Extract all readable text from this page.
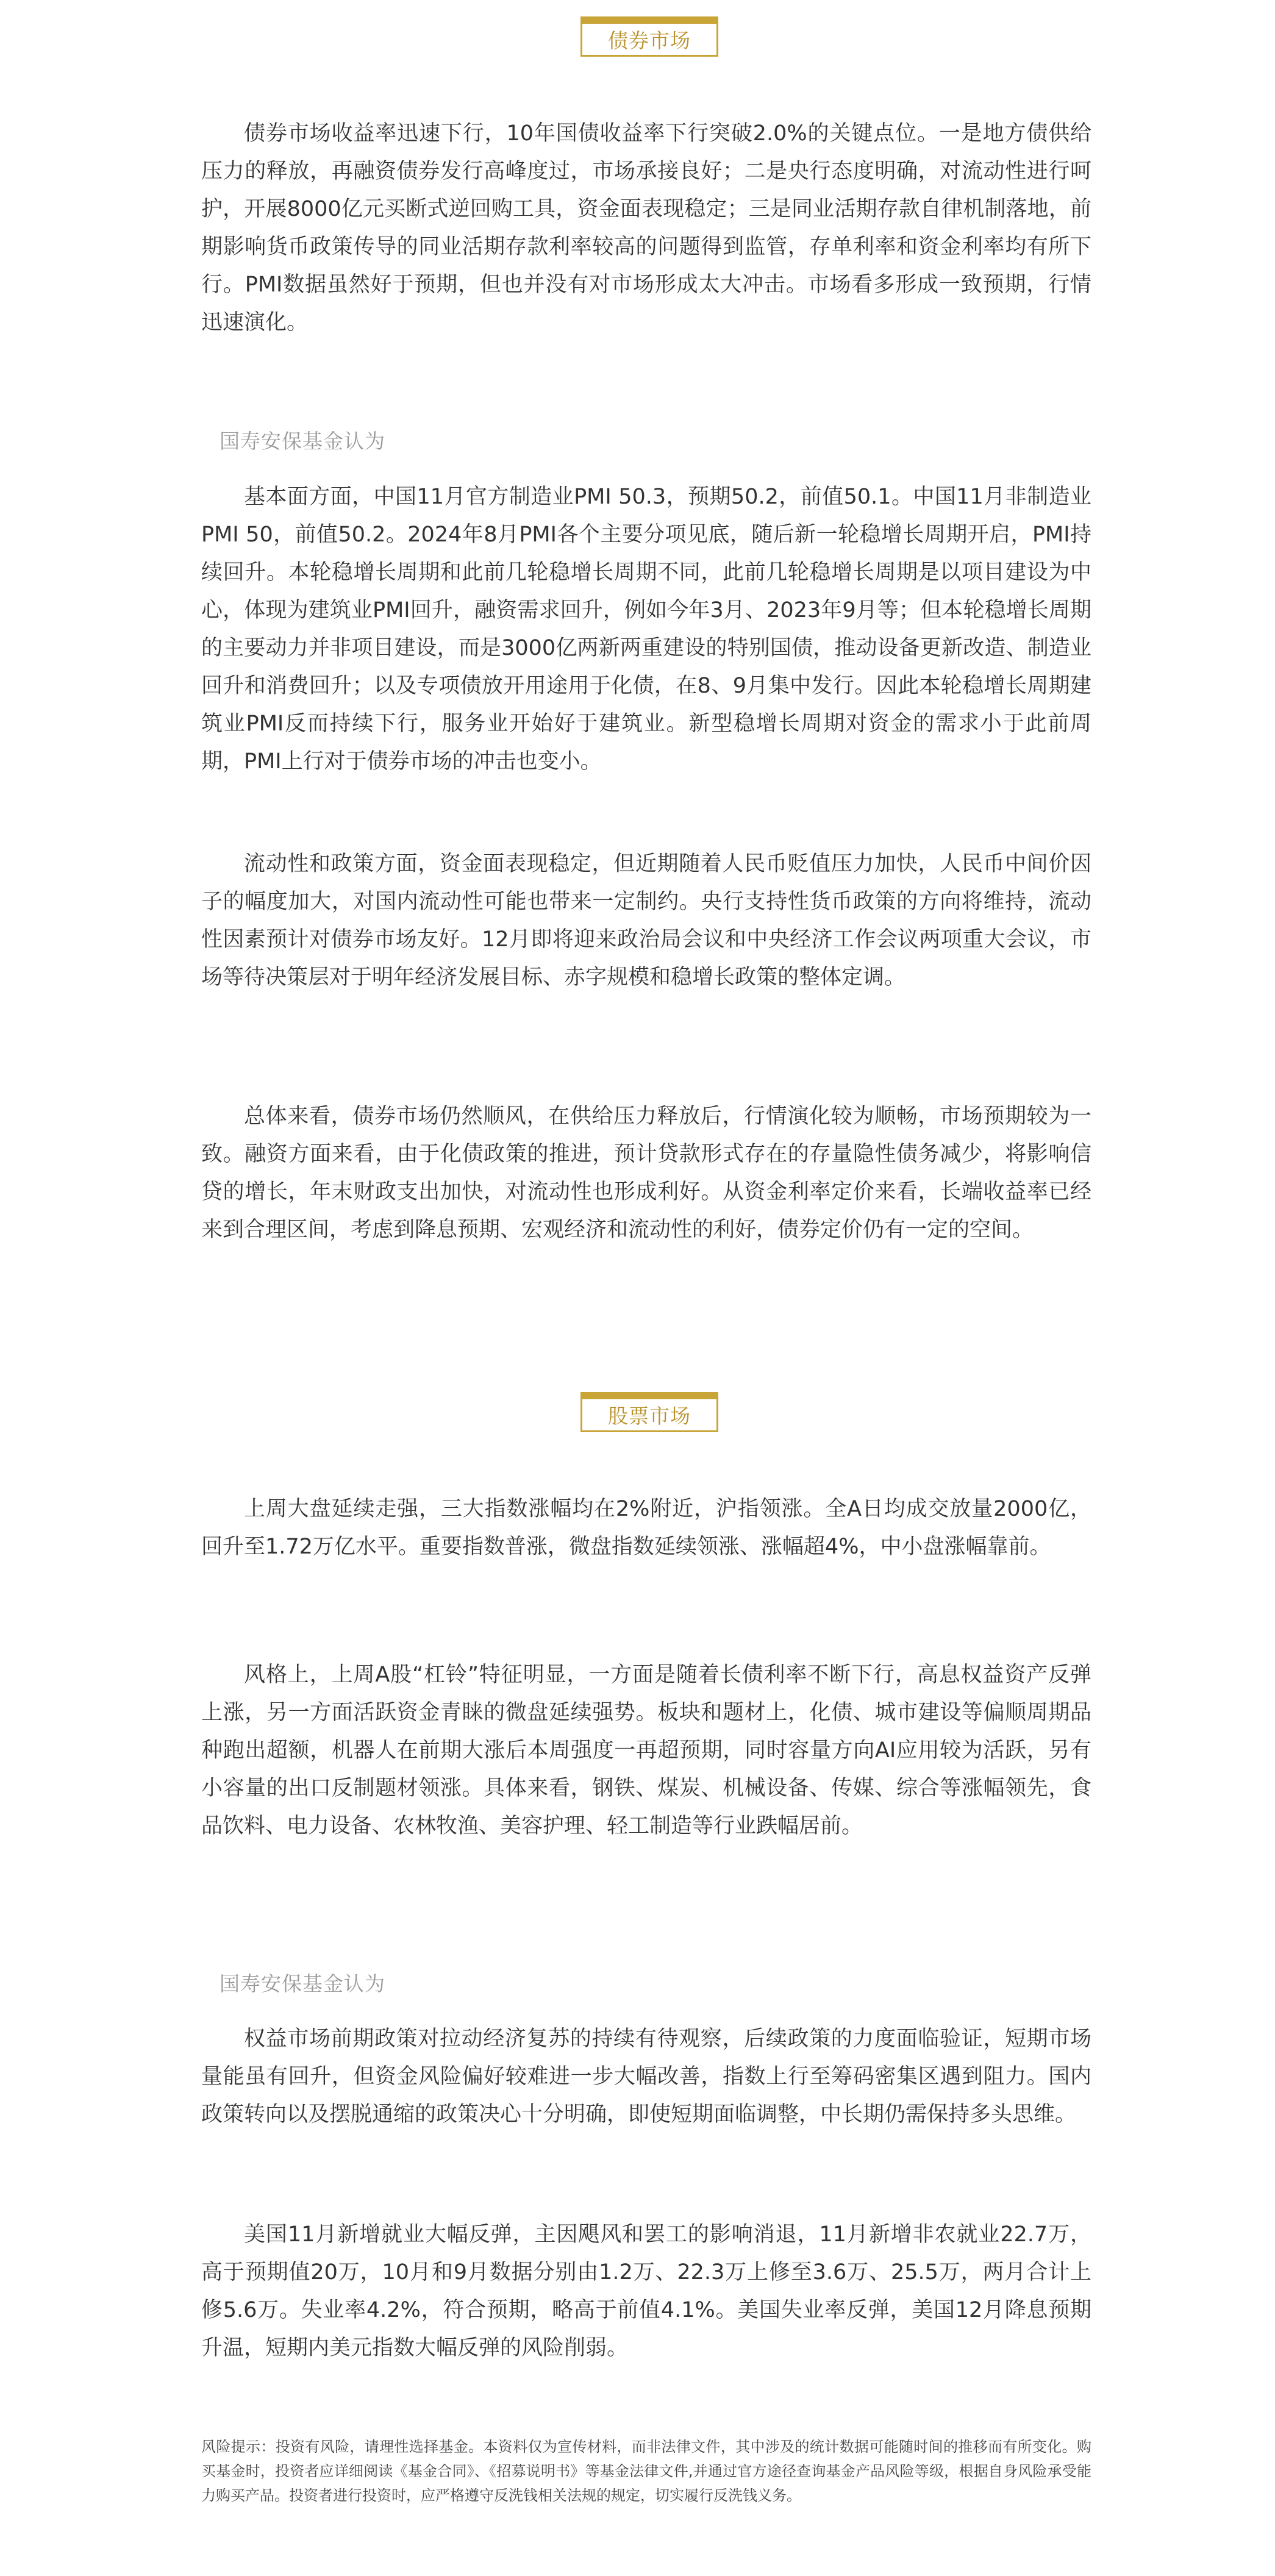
债券市场

债券市场收益率迅速下行，10年国债收益率下行突破2.0%的关键点位。一是地方债供给压力的释放，再融资债券发行高峰度过，市场承接良好；二是央行态度明确，对流动性进行呵护，开展8000亿元买断式逆回购工具，资金面表现稳定；三是同业活期存款自律机制落地，前期影响货币政策传导的同业活期存款利率较高的问题得到监管，存单利率和资金利率均有所下行。PMI数据虽然好于预期，但也并没有对市场形成太大冲击。市场看多形成一致预期，行情迅速演化。

国寿安保基金认为

基本面方面，中国11月官方制造业PMI 50.3，预期50.2，前值50.1。中国11月非制造业PMI 50，前值50.2。2024年8月PMI各个主要分项见底，随后新一轮稳增长周期开启，PMI持续回升。本轮稳增长周期和此前几轮稳增长周期不同，此前几轮稳增长周期是以项目建设为中心，体现为建筑业PMI回升，融资需求回升，例如今年3月、2023年9月等；但本轮稳增长周期的主要动力并非项目建设，而是3000亿两新两重建设的特别国债，推动设备更新改造、制造业回升和消费回升；以及专项债放开用途用于化债，在8、9月集中发行。因此本轮稳增长周期建筑业PMI反而持续下行，服务业开始好于建筑业。新型稳增长周期对资金的需求小于此前周期，PMI上行对于债券市场的冲击也变小。

流动性和政策方面，资金面表现稳定，但近期随着人民币贬值压力加快，人民币中间价因子的幅度加大，对国内流动性可能也带来一定制约。央行支持性货币政策的方向将维持，流动性因素预计对债券市场友好。12月即将迎来政治局会议和中央经济工作会议两项重大会议，市场等待决策层对于明年经济发展目标、赤字规模和稳增长政策的整体定调。

总体来看，债券市场仍然顺风，在供给压力释放后，行情演化较为顺畅，市场预期较为一致。融资方面来看，由于化债政策的推进，预计贷款形式存在的存量隐性债务减少，将影响信贷的增长，年末财政支出加快，对流动性也形成利好。从资金利率定价来看，长端收益率已经来到合理区间，考虑到降息预期、宏观经济和流动性的利好，债券定价仍有一定的空间。

股票市场

上周大盘延续走强，三大指数涨幅均在2%附近，沪指领涨。全A日均成交放量2000亿，回升至1.72万亿水平。重要指数普涨，微盘指数延续领涨、涨幅超4%，中小盘涨幅靠前。

风格上，上周A股“杠铃”特征明显，一方面是随着长债利率不断下行，高息权益资产反弹上涨，另一方面活跃资金青睐的微盘延续强势。板块和题材上，化债、城市建设等偏顺周期品种跑出超额，机器人在前期大涨后本周强度一再超预期，同时容量方向AI应用较为活跃，另有小容量的出口反制题材领涨。具体来看，钢铁、煤炭、机械设备、传媒、综合等涨幅领先，食品饮料、电力设备、农林牧渔、美容护理、轻工制造等行业跌幅居前。

国寿安保基金认为

权益市场前期政策对拉动经济复苏的持续有待观察，后续政策的力度面临验证，短期市场量能虽有回升，但资金风险偏好较难进一步大幅改善，指数上行至筹码密集区遇到阻力。国内政策转向以及摆脱通缩的政策决心十分明确，即使短期面临调整，中长期仍需保持多头思维。

美国11月新增就业大幅反弹，主因飓风和罢工的影响消退，11月新增非农就业22.7万，高于预期值20万，10月和9月数据分别由1.2万、22.3万上修至3.6万、25.5万，两月合计上修5.6万。失业率4.2%，符合预期，略高于前值4.1%。美国失业率反弹，美国12月降息预期升温，短期内美元指数大幅反弹的风险削弱。

风险提示：投资有风险，请理性选择基金。本资料仅为宣传材料，而非法律文件，其中涉及的统计数据可能随时间的推移而有所变化。购买基金时，投资者应详细阅读《基金合同》、《招募说明书》等基金法律文件,并通过官方途径查询基金产品风险等级，根据自身风险承受能力购买产品。投资者进行投资时，应严格遵守反洗钱相关法规的规定，切实履行反洗钱义务。
